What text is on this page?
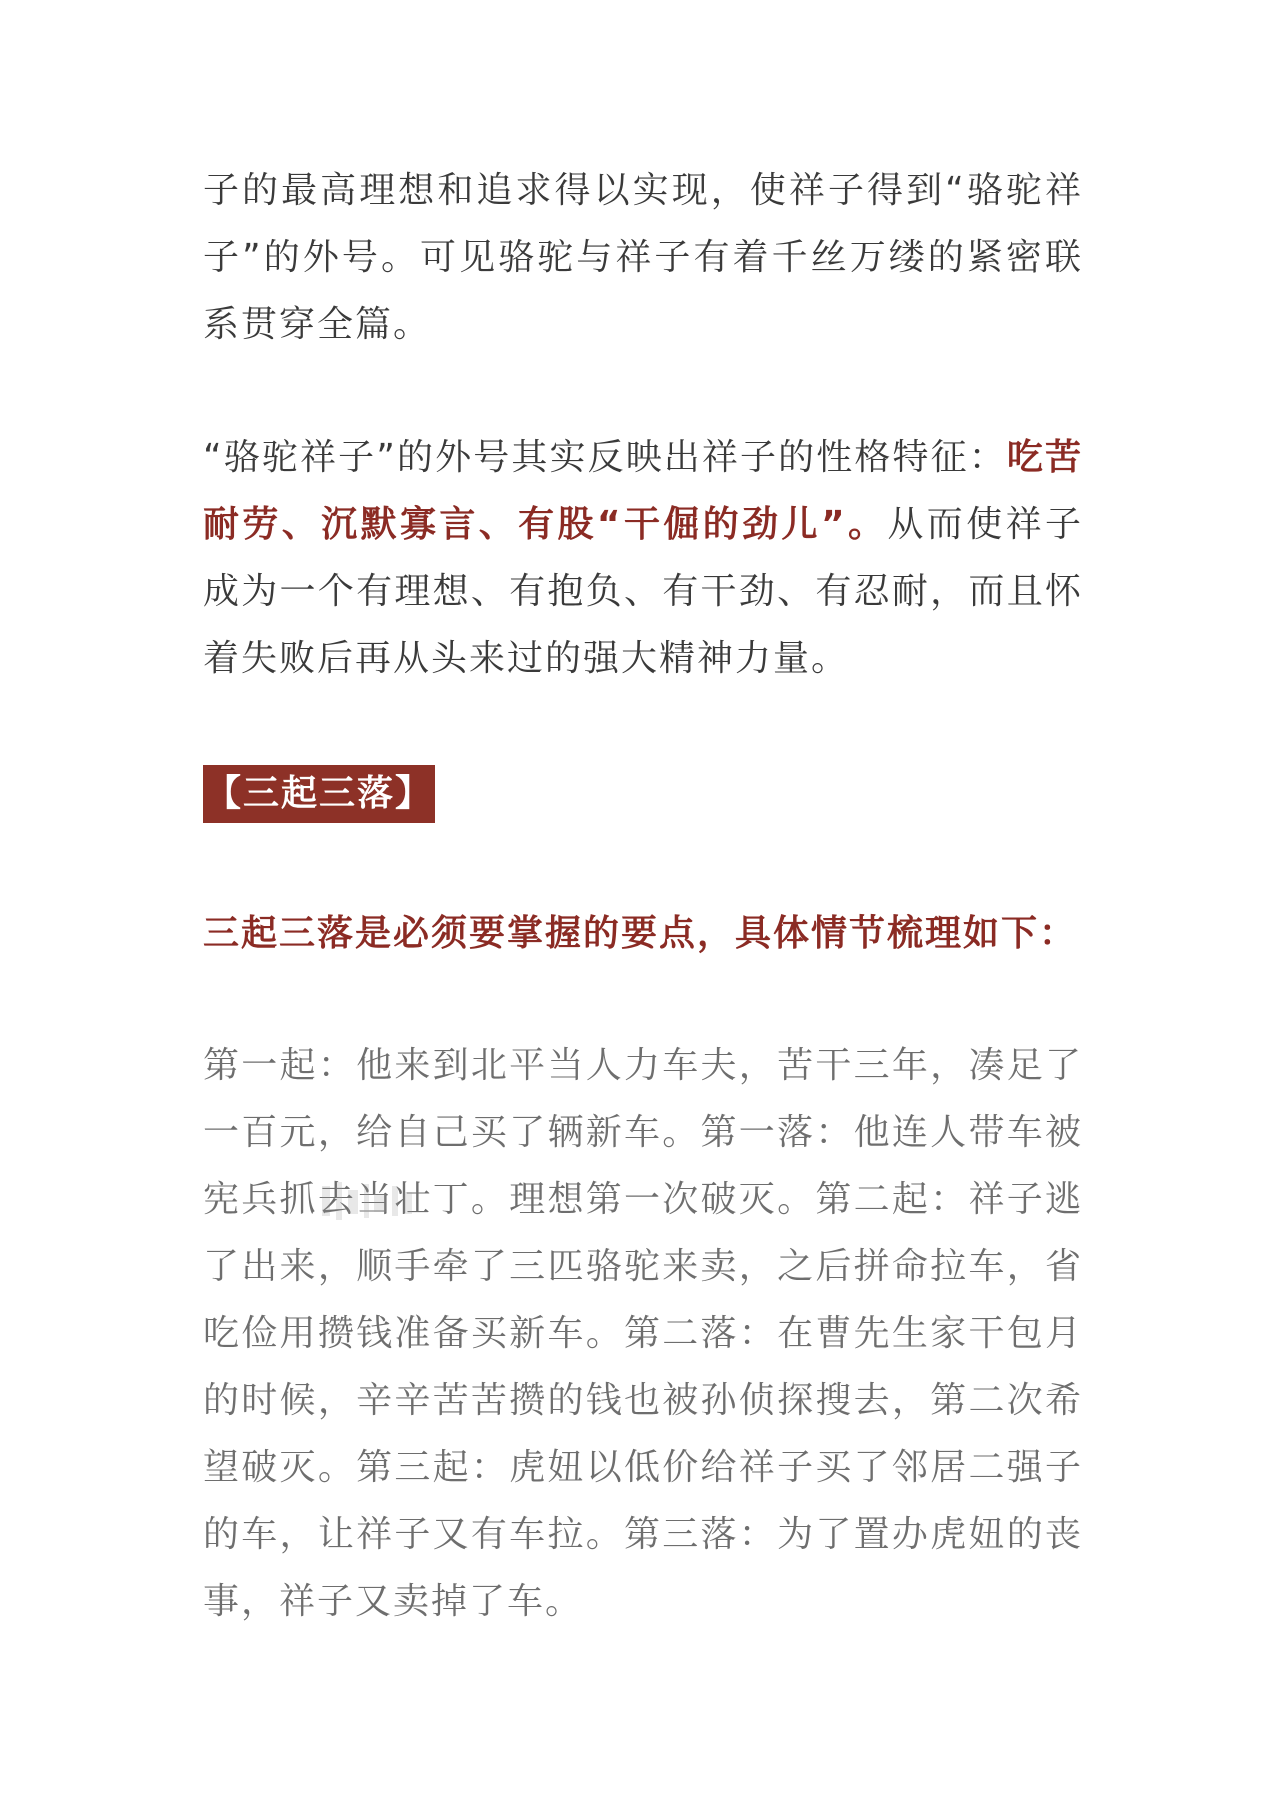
子的最高理想和追求得以实现，使祥子得到“骆驼祥子”的外号。可见骆驼与祥子有着千丝万缕的紧密联系贯穿全篇。

“骆驼祥子”的外号其实反映出祥子的性格特征：吃苦耐劳、沉默寡言、有股“干倔的劲儿”。从而使祥子成为一个有理想、有抱负、有干劲、有忍耐，而且怀着失败后再从头来过的强大精神力量。

【三起三落】

三起三落是必须要掌握的要点，具体情节梳理如下：

第一起：他来到北平当人力车夫，苦干三年，凑足了一百元，给自己买了辆新车。第一落：他连人带车被宪兵抓去当壮丁。理想第一次破灭。第二起：祥子逃了出来，顺手牵了三匹骆驼来卖，之后拼命拉车，省吃俭用攒钱准备买新车。第二落：在曹先生家干包月的时候，辛辛苦苦攒的钱也被孙侦探搜去，第二次希望破灭。第三起：虎妞以低价给祥子买了邻居二强子的车，让祥子又有车拉。第三落：为了置办虎妞的丧事，祥子又卖掉了车。
